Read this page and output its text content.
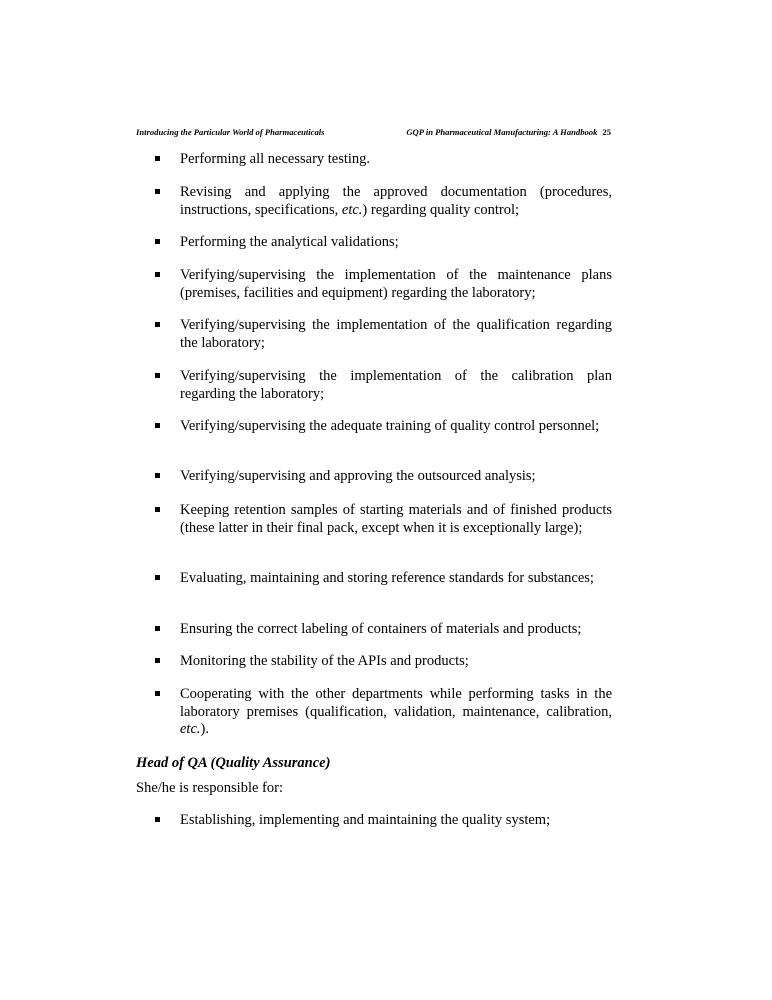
Introducing the Particular World of Pharmaceuticals	GQP in Pharmaceutical Manufacturing: A Handbook 25
Performing all necessary testing.
Revising and applying the approved documentation (procedures, instructions, specifications, etc.) regarding quality control;
Performing the analytical validations;
Verifying/supervising the implementation of the maintenance plans (premises, facilities and equipment) regarding the laboratory;
Verifying/supervising the implementation of the qualification regarding the laboratory;
Verifying/supervising the implementation of the calibration plan regarding the laboratory;
Verifying/supervising the adequate training of quality control personnel;
Verifying/supervising and approving the outsourced analysis;
Keeping retention samples of starting materials and of finished products (these latter in their final pack, except when it is exceptionally large);
Evaluating, maintaining and storing reference standards for substances;
Ensuring the correct labeling of containers of materials and products;
Monitoring the stability of the APIs and products;
Cooperating with the other departments while performing tasks in the laboratory premises (qualification, validation, maintenance, calibration, etc.).
Head of QA (Quality Assurance)
She/he is responsible for:
Establishing, implementing and maintaining the quality system;
